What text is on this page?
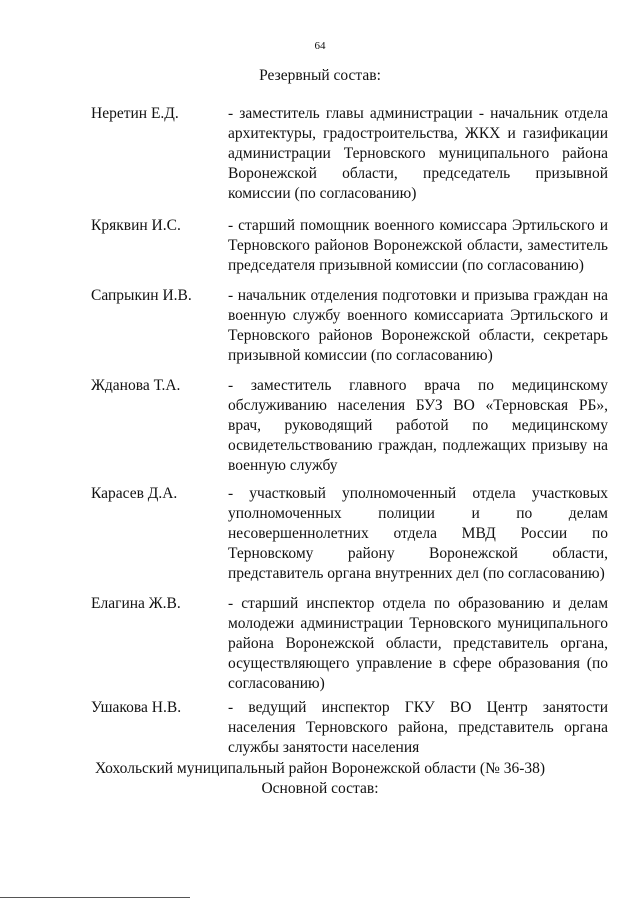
64
Резервный состав:
Неретин Е.Д.	- заместитель главы администрации - начальник отдела архитектуры, градостроительства, ЖКХ и газификации администрации Терновского муниципального района Воронежской области, председатель призывной комиссии (по согласованию)
Кряквин И.С.	- старший помощник военного комиссара Эртильского и Терновского районов Воронежской области, заместитель председателя призывной комиссии (по согласованию)
Сапрыкин И.В. - начальник отделения подготовки и призыва граждан на военную службу военного комиссариата Эртильского и Терновского районов Воронежской области, секретарь призывной комиссии (по согласованию)
Жданова Т.А.	- заместитель главного врача по медицинскому обслуживанию населения БУЗ ВО «Терновская РБ», врач, руководящий работой по медицинскому освидетельствованию граждан, подлежащих призыву на военную службу
Карасев Д.А.	- участковый уполномоченный отдела участковых уполномоченных полиции и по делам несовершеннолетних отдела МВД России по Терновскому району Воронежской области, представитель органа внутренних дел (по согласованию)
Елагина Ж.В.	- старший инспектор отдела по образованию и делам молодежи администрации Терновского муниципального района Воронежской области, представитель органа, осуществляющего управление в сфере образования (по согласованию)
Ушакова Н.В.	- ведущий инспектор ГКУ ВО Центр занятости населения Терновского района, представитель органа службы занятости населения
Хохольский муниципальный район Воронежской области (№ 36-38)
Основной состав:
